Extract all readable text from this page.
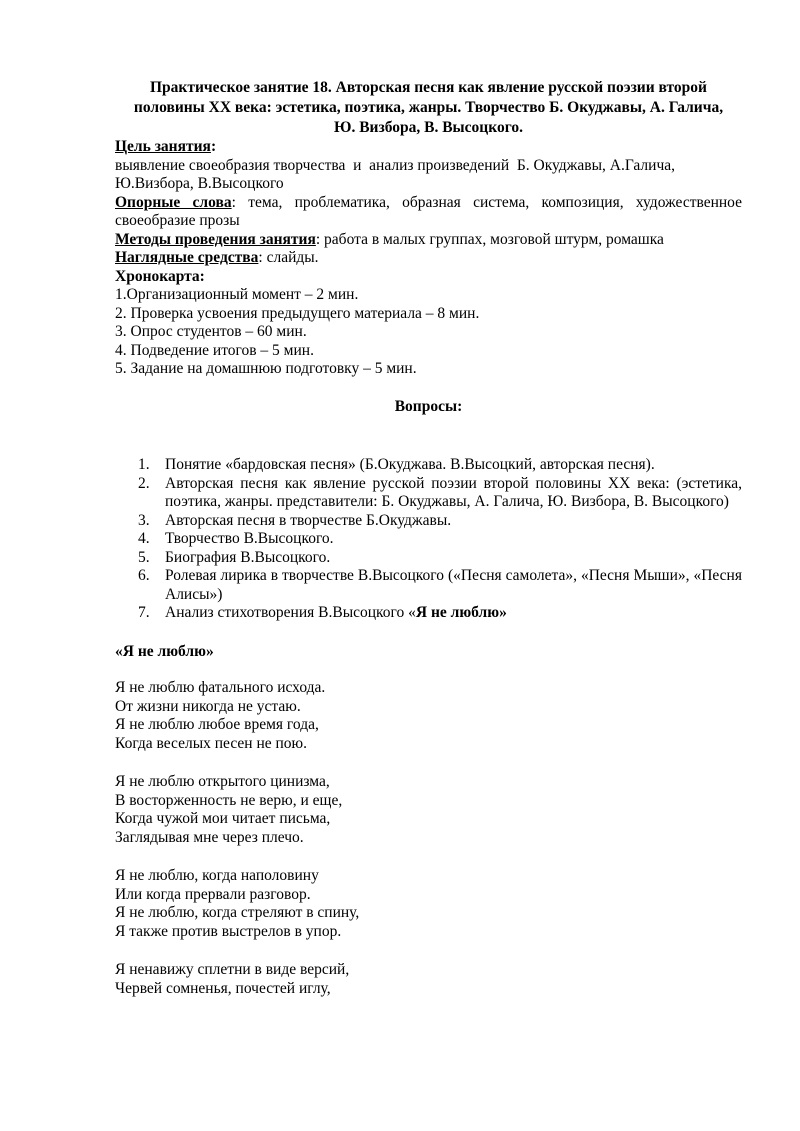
Практическое занятие 18. Авторская песня как явление русской поэзии второй
половины ХХ века: эстетика, поэтика, жанры. Творчество Б. Окуджавы, А. Галича,
Ю. Визбора, В. Высоцкого.

Цель занятия:

выявление своеобразия творчества  и  анализ произведений  Б. Окуджавы, А.Галича,

Ю.Визбора, В.Высоцкого

Опорные слова: тема, проблематика, образная система, композиция, художественное своеобразие прозы

Методы проведения занятия: работа в малых группах, мозговой штурм, ромашка

Наглядные средства: слайды.

Хронокарта:

1.Организационный момент – 2 мин.

2. Проверка усвоения предыдущего материала – 8 мин.

3. Опрос студентов – 60 мин.

4. Подведение итогов – 5 мин.

5. Задание на домашнюю подготовку – 5 мин.

Вопросы:

1. Понятие «бардовская песня» (Б.Окуджава. В.Высоцкий, авторская песня).
2. Авторская песня как явление русской поэзии второй половины ХХ века: (эстетика, поэтика, жанры. представители: Б. Окуджавы, А. Галича, Ю. Визбора, В. Высоцкого)
3. Авторская песня в творчестве Б.Окуджавы.
4. Творчество В.Высоцкого.
5. Биография В.Высоцкого.
6. Ролевая лирика в творчестве В.Высоцкого («Песня самолета», «Песня Мыши», «Песня Алисы»)
7. Анализ стихотворения В.Высоцкого «Я не люблю»

«Я не люблю»

Я не люблю фатального исхода.

От жизни никогда не устаю.

Я не люблю любое время года,

Когда веселых песен не пою.

Я не люблю открытого цинизма,

В восторженность не верю, и еще,

Когда чужой мои читает письма,

Заглядывая мне через плечо.

Я не люблю, когда наполовину

Или когда прервали разговор.

Я не люблю, когда стреляют в спину,

Я также против выстрелов в упор.

Я ненавижу сплетни в виде версий,

Червей сомненья, почестей иглу,
